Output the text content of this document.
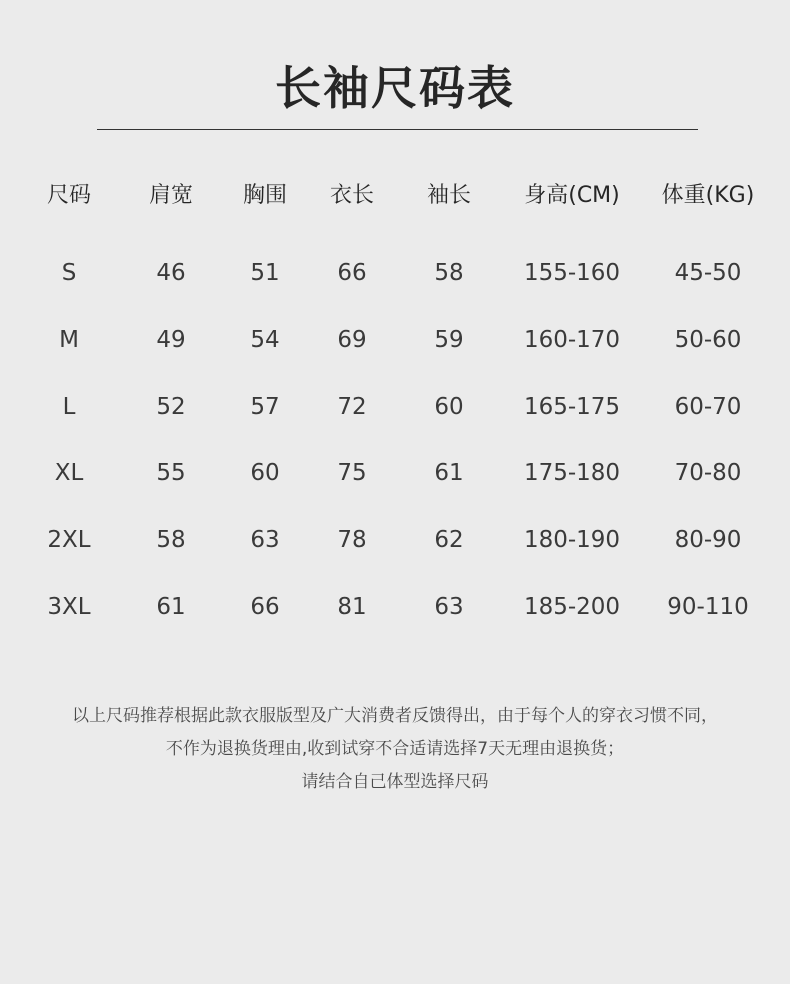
长袖尺码表
尺码	肩宽 胸围 衣长 袖长 身高(CM) 体重(KG)
S	46	51	66	58	155-160 45-50
M	49	54	69	59	160-170 50-60
L	52	57	72	60	165-175 60-70
XL	55	60	75	61	175-180 70-80
2XL	58	63	78	62	180-190 80-90
3XL	61	66	81	63	185-200 90-110
以上尺码推荐根据此款衣服版型及广大消费者反馈得出，由于每个人的穿衣习惯不同，
不作为退换货理由,收到试穿不合适请选择7天无理由退换货；
请结合自己体型选择尺码
